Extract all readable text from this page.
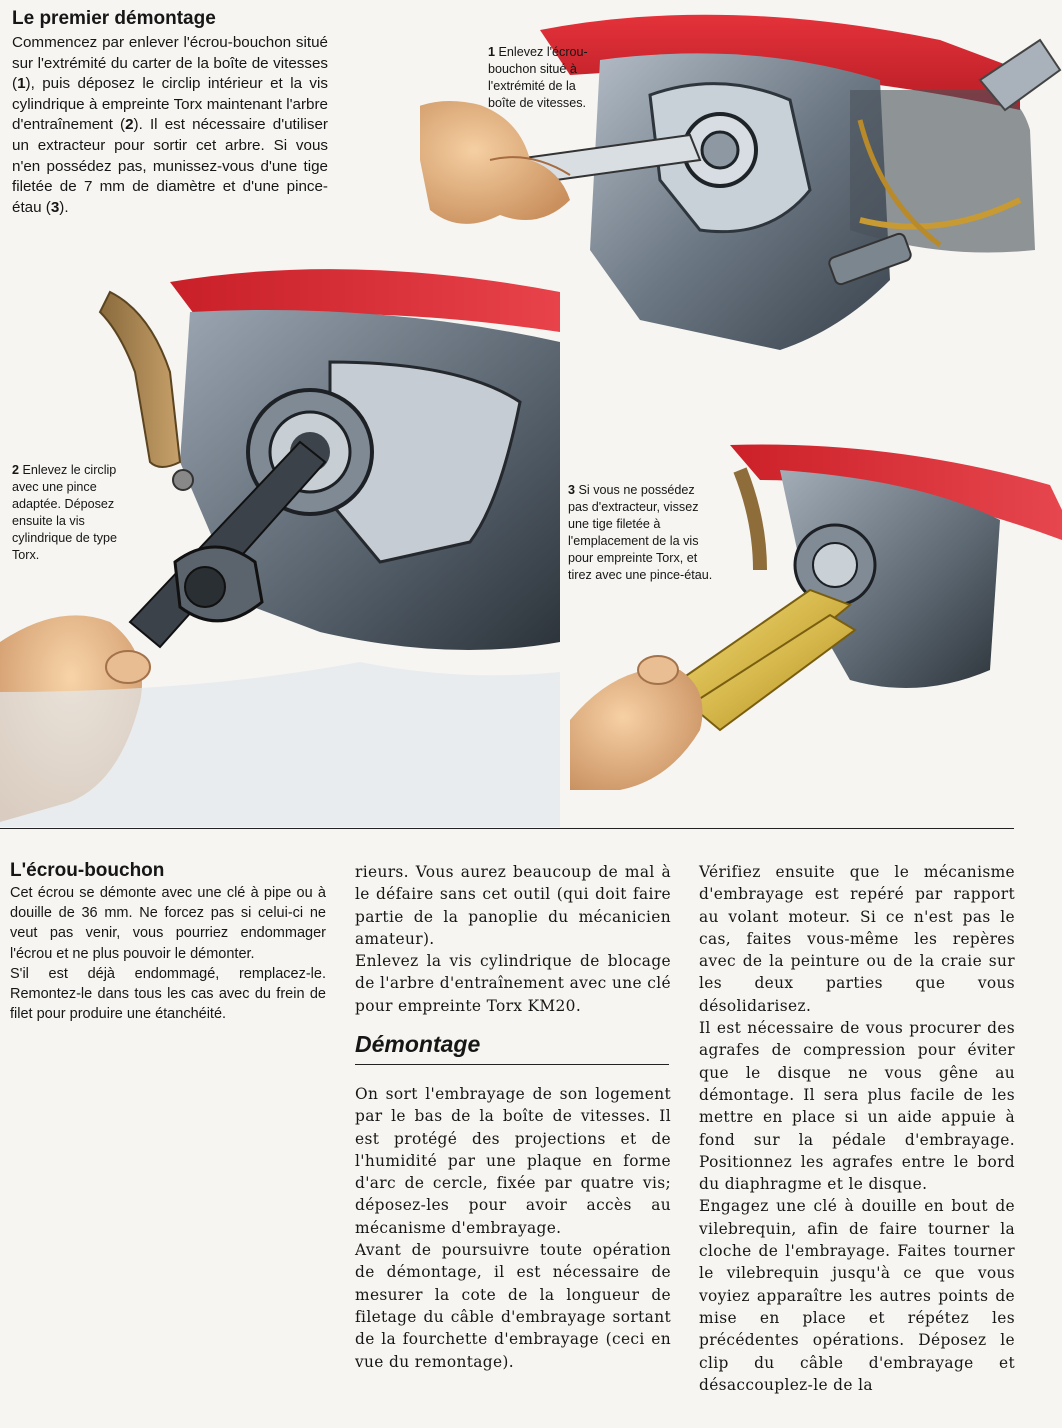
Le premier démontage
Commencez par enlever l'écrou-bouchon situé sur l'extrémité du carter de la boîte de vitesses (1), puis déposez le circlip intérieur et la vis cylindrique à empreinte Torx maintenant l'arbre d'entraînement (2). Il est nécessaire d'utiliser un extracteur pour sortir cet arbre. Si vous n'en possédez pas, munissez-vous d'une tige filetée de 7 mm de diamètre et d'une pince-étau (3).
1 Enlevez l'écrou-bouchon situé à l'extrémité de la boîte de vitesses.
2 Enlevez le circlip avec une pince adaptée. Déposez ensuite la vis cylindrique de type Torx.
3 Si vous ne possédez pas d'extracteur, vissez une tige filetée à l'emplacement de la vis pour empreinte Torx, et tirez avec une pince-étau.
L'écrou-bouchon
Cet écrou se démonte avec une clé à pipe ou à douille de 36 mm. Ne forcez pas si celui-ci ne veut pas venir, vous pourriez endommager l'écrou et ne plus pouvoir le démonter.
S'il est déjà endommagé, remplacez-le. Remontez-le dans tous les cas avec du frein de filet pour produire une étanchéité.

rieurs. Vous aurez beaucoup de mal à le défaire sans cet outil (qui doit faire partie de la panoplie du mécanicien amateur).

Enlevez la vis cylindrique de blocage de l'arbre d'entraînement avec une clé pour empreinte Torx KM20.

Démontage

On sort l'embrayage de son logement par le bas de la boîte de vitesses. Il est protégé des projections et de l'humidité par une plaque en forme d'arc de cercle, fixée par quatre vis; déposez-les pour avoir accès au mécanisme d'embrayage.

Avant de poursuivre toute opération de démontage, il est nécessaire de mesurer la cote de la longueur de filetage du câble d'embrayage sortant de la fourchette d'embrayage (ceci en vue du remontage).

Vérifiez ensuite que le mécanisme d'embrayage est repéré par rapport au volant moteur. Si ce n'est pas le cas, faites vous-même les repères avec de la peinture ou de la craie sur les deux parties que vous désolidarisez.

Il est nécessaire de vous procurer des agrafes de compression pour éviter que le disque ne vous gêne au démontage. Il sera plus facile de les mettre en place si un aide appuie à fond sur la pédale d'embrayage. Positionnez les agrafes entre le bord du diaphragme et le disque.

Engagez une clé à douille en bout de vilebrequin, afin de faire tourner la cloche de l'embrayage. Faites tourner le vilebrequin jusqu'à ce que vous voyiez apparaître les autres points de mise en place et répétez les précédentes opérations. Déposez le clip du câble d'embrayage et désaccouplez-le de la
